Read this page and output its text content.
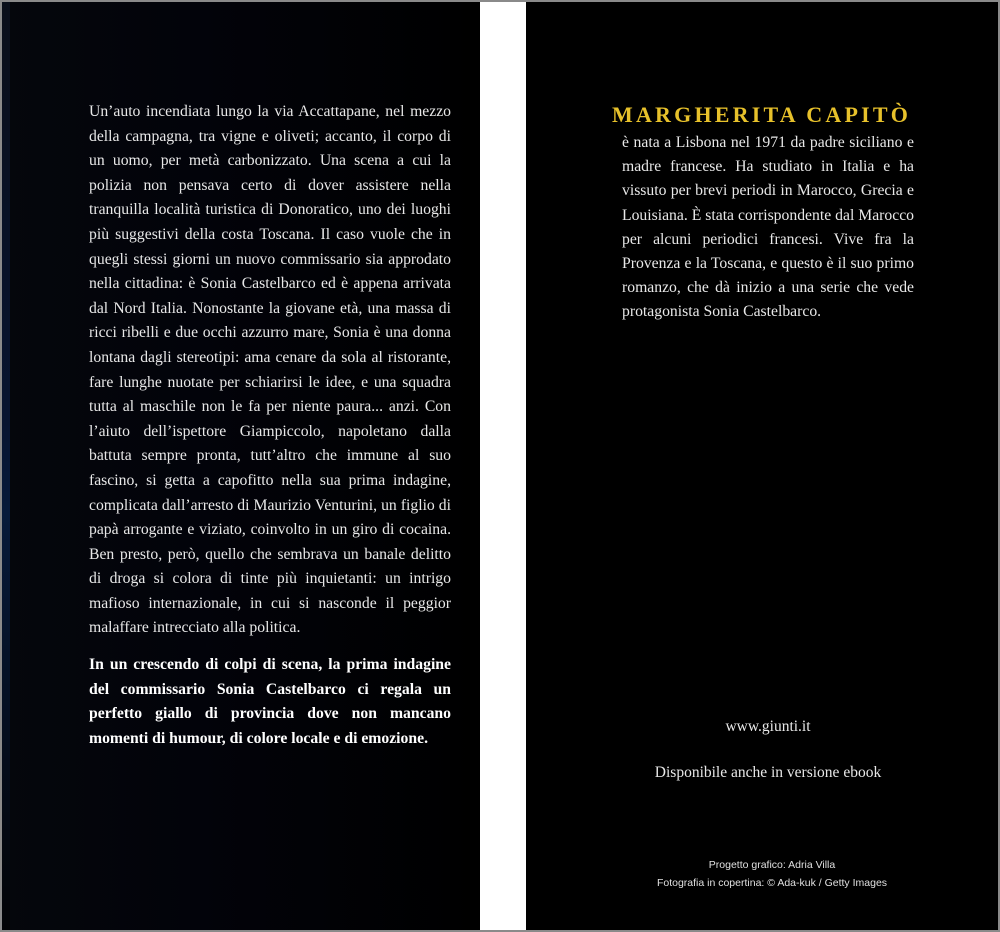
Un’auto incendiata lungo la via Accattapane, nel mezzo della campagna, tra vigne e oliveti; accanto, il corpo di un uomo, per metà carbonizzato. Una scena a cui la polizia non pensava certo di dover assistere nella tranquilla località turistica di Donoratico, uno dei luoghi più suggestivi della costa Toscana. Il caso vuole che in quegli stessi giorni un nuovo commissario sia approdato nella cittadina: è Sonia Castelbarco ed è appena arrivata dal Nord Italia. Nonostante la giovane età, una massa di ricci ribelli e due occhi azzurro mare, Sonia è una donna lontana dagli stereotipi: ama cenare da sola al ristorante, fare lunghe nuotate per schiarirsi le idee, e una squadra tutta al maschile non le fa per niente paura... anzi. Con l’aiuto dell’ispettore Giampiccolo, napoletano dalla battuta sempre pronta, tutt’altro che immune al suo fascino, si getta a capofitto nella sua prima indagine, complicata dall’arresto di Maurizio Venturini, un figlio di papà arrogante e viziato, coinvolto in un giro di cocaina. Ben presto, però, quello che sembrava un banale delitto di droga si colora di tinte più inquietanti: un intrigo mafioso internazionale, in cui si nasconde il peggior malaffare intrecciato alla politica.

In un crescendo di colpi di scena, la prima indagine del commissario Sonia Castelbarco ci regala un perfetto giallo di provincia dove non mancano momenti di humour, di colore locale e di emozione.

MARGHERITA CAPITÒ

è nata a Lisbona nel 1971 da padre siciliano e madre francese. Ha studiato in Italia e ha vissuto per brevi periodi in Marocco, Grecia e Louisiana. È stata corrispondente dal Marocco per alcuni periodici francesi. Vive fra la Provenza e la Toscana, e questo è il suo primo romanzo, che dà inizio a una serie che vede protagonista Sonia Castelbarco.

www.giunti.it

Disponibile anche in versione ebook

Progetto grafico: Adria Villa
Fotografia in copertina: © Ada-kuk / Getty Images
